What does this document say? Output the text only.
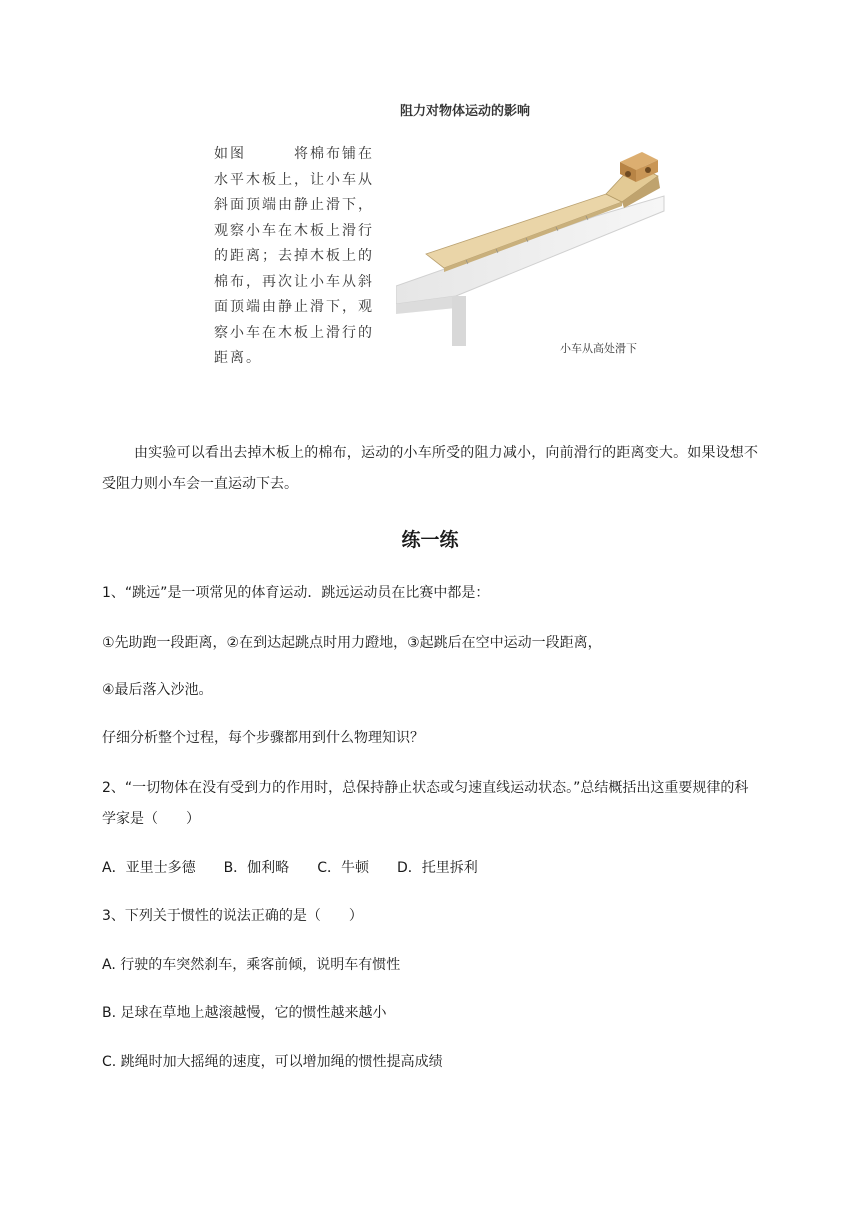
阻力对物体运动的影响
如图　　　将棉布铺在水平木板上，让小车从斜面顶端由静止滑下，观察小车在木板上滑行的距离；去掉木板上的棉布，再次让小车从斜面顶端由静止滑下，观察小车在木板上滑行的距离。
小车从高处滑下
由实验可以看出去掉木板上的棉布，运动的小车所受的阻力减小，向前滑行的距离变大。如果设想不受阻力则小车会一直运动下去。
练一练
1、“跳远”是一项常见的体育运动．跳远运动员在比赛中都是：
①先助跑一段距离，②在到达起跳点时用力蹬地，③起跳后在空中运动一段距离，
④最后落入沙池。
仔细分析整个过程，每个步骤都用到什么物理知识？
2、“一切物体在没有受到力的作用时，总保持静止状态或匀速直线运动状态。”总结概括出这重要规律的科学家是（　　）
A．亚里士多德 B．伽利略 C．牛顿 D．托里拆利
3、下列关于惯性的说法正确的是（　　）
A. 行驶的车突然刹车，乘客前倾，说明车有惯性
B. 足球在草地上越滚越慢，它的惯性越来越小
C. 跳绳时加大摇绳的速度，可以增加绳的惯性提高成绩
